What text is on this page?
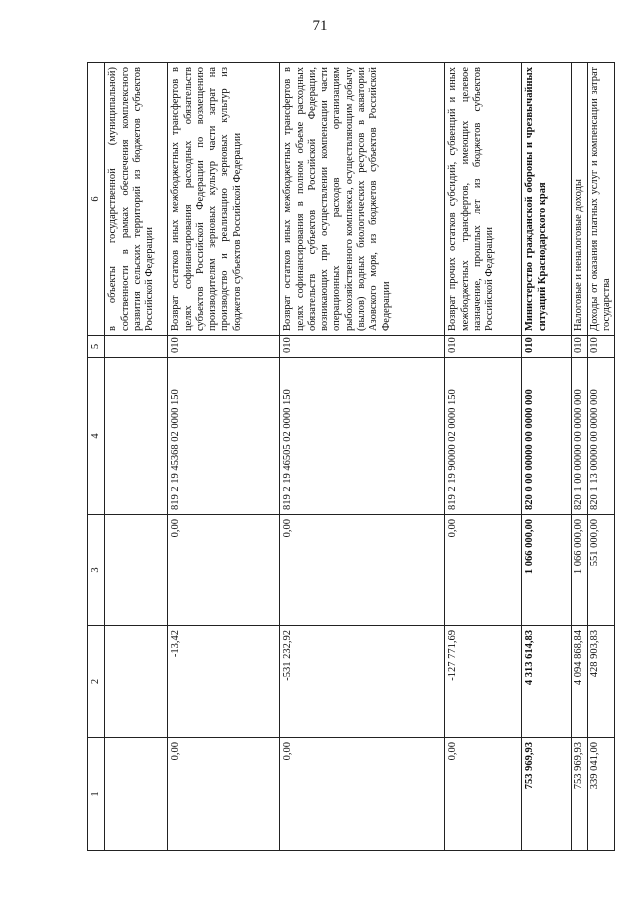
71
1	2	3	4	5	6
					в объекты государственной (муниципальной) собственности в рамках обеспечения комплексного развития сельских территорий из бюджетов субъектов Российской Федерации
0,00	-13,42	0,00	819 2 19 45368 02 0000 150	010	Возврат остатков иных межбюджетных трансфертов в целях софинансирования расходных обязательств субъектов Российской Федерации по возмещению производителям зерновых культур части затрат на производство и реализацию зерновых культур из бюджетов субъектов Российской Федерации
0,00	-531 232,92	0,00	819 2 19 46505 02 0000 150	010	Возврат остатков иных межбюджетных трансфертов в целях софинансирования в полном объеме расходных обязательств субъектов Российской Федерации, возникающих при осуществлении компенсации части операционных расходов организациям рыбохозяйственного комплекса, осуществляющим добычу (вылов) водных биологических ресурсов в акватории Азовского моря, из бюджетов субъектов Российской Федерации
0,00	-127 771,69	0,00	819 2 19 90000 02 0000 150	010	Возврат прочих остатков субсидий, субвенций и иных межбюджетных трансфертов, имеющих целевое назначение, прошлых лет из бюджетов субъектов Российской Федерации
753 969,93	4 313 614,83	1 066 000,00	820 0 00 00000 00 0000 000	010	Министерство гражданской обороны и чрезвычайных ситуаций Краснодарского края
753 969,93	4 094 868,84	1 066 000,00	820 1 00 00000 00 0000 000	010	Налоговые и неналоговые доходы
339 041,00	428 903,83	551 000,00	820 1 13 00000 00 0000 000	010	Доходы от оказания платных услуг и компенсации затрат государства
